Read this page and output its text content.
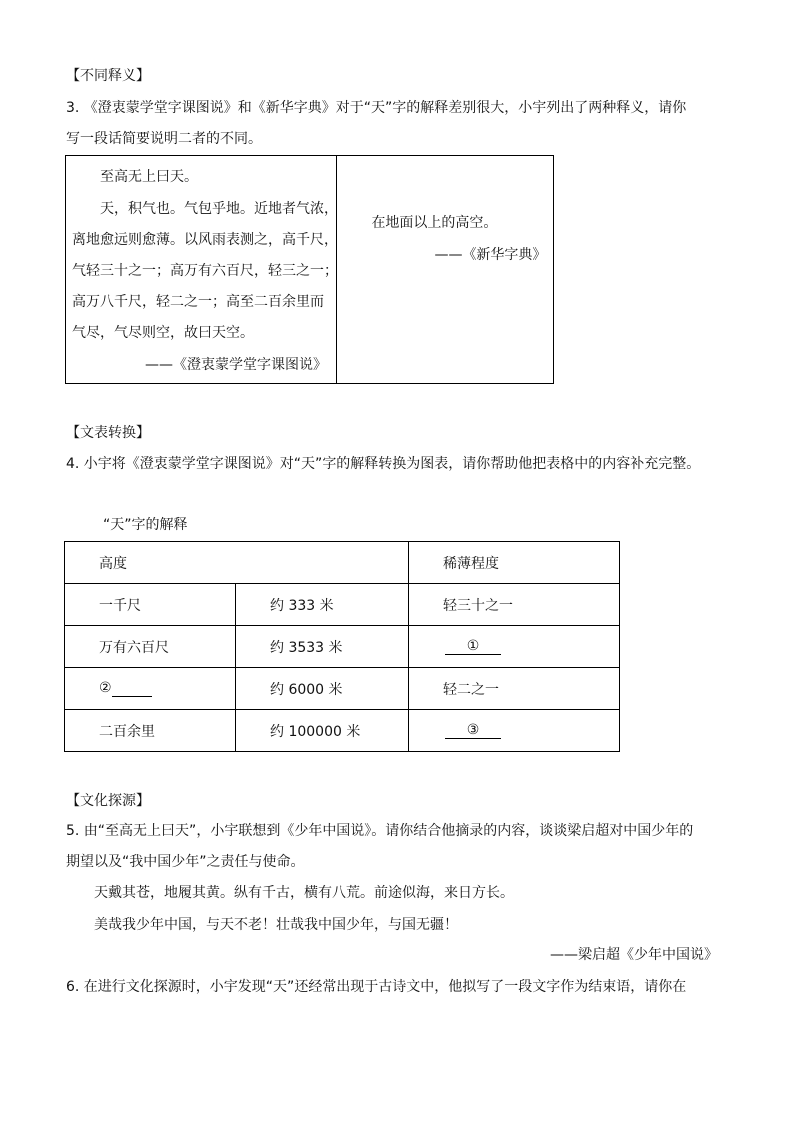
【不同释义】
3. 《澄衷蒙学堂字课图说》和《新华字典》对于“天”字的解释差别很大，小宇列出了两种释义，请你
写一段话简要说明二者的不同。
至高无上曰天。
天，积气也。气包乎地。近地者气浓，
离地愈远则愈薄。以风雨表测之，高千尺，
气轻三十之一；高万有六百尺，轻三之一；
高万八千尺，轻二之一；高至二百余里而
气尽，气尽则空，故曰天空。
——《澄衷蒙学堂字课图说》

在地面以上的高空。
——《新华字典》
【文表转换】
4. 小宇将《澄衷蒙学堂字课图说》对“天”字的解释转换为图表，请你帮助他把表格中的内容补充完整。
“天”字的解释
高度		稀薄程度
一千尺	约 333 米	轻三十之一
万有六百尺	约 3533 米	①
②	约 6000 米	轻二之一
二百余里	约 100000 米	③
【文化探源】
5. 由“至高无上曰天”，小宇联想到《少年中国说》。请你结合他摘录的内容，谈谈梁启超对中国少年的
期望以及“我中国少年”之责任与使命。
天戴其苍，地履其黄。纵有千古，横有八荒。前途似海，来日方长。
美哉我少年中国，与天不老！壮哉我中国少年，与国无疆！
——梁启超《少年中国说》
6. 在进行文化探源时，小宇发现“天”还经常出现于古诗文中，他拟写了一段文字作为结束语，请你在
